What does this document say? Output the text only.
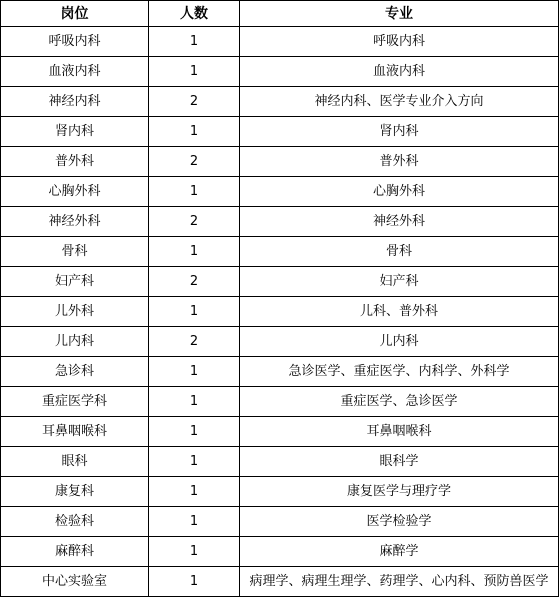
岗位	人数	专业
呼吸内科	1	呼吸内科
血液内科	1	血液内科
神经内科	2	神经内科、医学专业介入方向
肾内科	1	肾内科
普外科	2	普外科
心胸外科	1	心胸外科
神经外科	2	神经外科
骨科	1	骨科
妇产科	2	妇产科
儿外科	1	儿科、普外科
儿内科	2	儿内科
急诊科	1	急诊医学、重症医学、内科学、外科学
重症医学科	1	重症医学、急诊医学
耳鼻咽喉科	1	耳鼻咽喉科
眼科	1	眼科学
康复科	1	康复医学与理疗学
检验科	1	医学检验学
麻醉科	1	麻醉学
中心实验室	1	病理学、病理生理学、药理学、心内科、预防兽医学
